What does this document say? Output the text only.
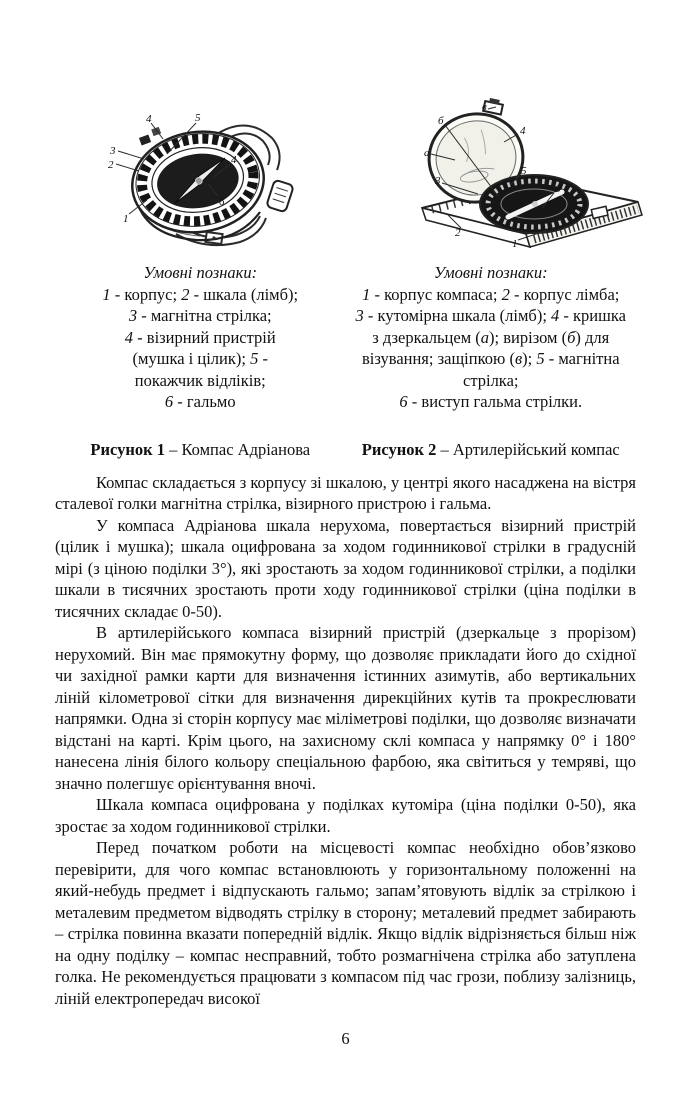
4	5
3
2	4
6
1
в
б
4
а
5
3
6
2
1
Умовні познаки:
1 - корпус; 2 - шкала (лімб);
3 - магнітна стрілка;
4 - візирний пристрій
(мушка і цілик); 5 -
покажчик відліків;
6 - гальмо
Умовні познаки:
1 - корпус компаса; 2 - корпус лімба;
3 - кутомірна шкала (лімб); 4 - кришка
з дзеркальцем (а); вирізом (б) для
візування; защіпкою (в); 5 - магнітна
стрілка;
6 - виступ гальма стрілки.
Рисунок 1 – Компас Адріанова	Рисунок 2 – Артилерійський компас

Компас складається з корпусу зі шкалою, у центрі якого насаджена на вістря сталевої голки магнітна стрілка, візирного пристрою і гальма.

У компаса Адріанова шкала нерухома, повертається візирний пристрій (цілик і мушка); шкала оцифрована за ходом годинникової стрілки в градусній мірі (з ціною поділки 3°), які зростають за ходом годинникової стрілки, а поділки шкали в тисячних зростають проти ходу годинникової стрілки (ціна поділки в тисячних складає 0-50).

В артилерійського компаса візирний пристрій (дзеркальце з прорізом) нерухомий. Він має прямокутну форму, що дозволяє прикладати його до східної чи західної рамки карти для визначення істинних азимутів, або вертикальних ліній кілометрової сітки для визначення дирекційних кутів та прокреслювати напрямки. Одна зі сторін корпусу має міліметрові поділки, що дозволяє визначати відстані на карті. Крім цього, на захисному склі компаса у напрямку 0° і 180° нанесена лінія білого кольору спеціальною фарбою, яка світиться у темряві, що значно полегшує орієнтування вночі.

Шкала компаса оцифрована у поділках кутоміра (ціна поділки 0-50), яка зростає за ходом годинникової стрілки.

Перед початком роботи на місцевості компас необхідно обов’язково перевірити, для чого компас встановлюють у горизонтальному положенні на який-небудь предмет і відпускають гальмо; запам’ятовують відлік за стрілкою і металевим предметом відводять стрілку в сторону; металевий предмет забирають – стрілка повинна вказати попередній відлік. Якщо відлік відрізняється більш ніж на одну поділку – компас несправний, тобто розмагнічена стрілка або затуплена голка. Не рекомендується працювати з компасом під час грози, поблизу залізниць, ліній електропередач високої

6
